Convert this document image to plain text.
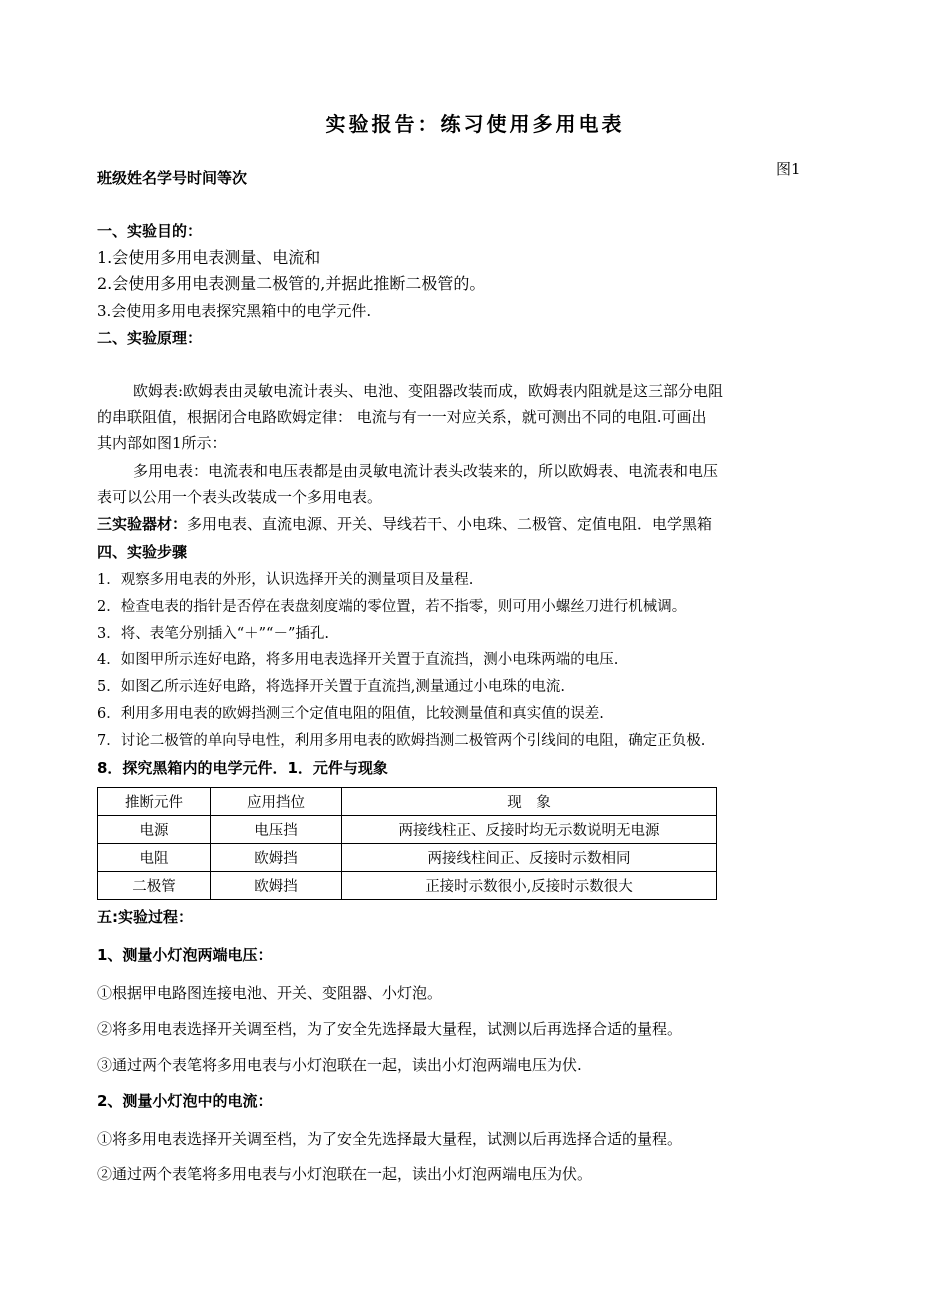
实验报告：练习使用多用电表
图1
班级姓名学号时间等次
一、实验目的：
1.会使用多用电表测量、电流和
2.会使用多用电表测量二极管的,并据此推断二极管的。
3.会使用多用电表探究黑箱中的电学元件.
二、实验原理：
欧姆表:欧姆表由灵敏电流计表头、电池、变阻器改装而成，欧姆表内阻就是这三部分电阻
的串联阻值，根据闭合电路欧姆定律： 电流与有一一对应关系，就可测出不同的电阻.可画出
其内部如图1所示：
多用电表：电流表和电压表都是由灵敏电流计表头改装来的，所以欧姆表、电流表和电压
表可以公用一个表头改装成一个多用电表。
三实验器材：多用电表、直流电源、开关、导线若干、小电珠、二极管、定值电阻．电学黑箱
四、实验步骤
1．观察多用电表的外形，认识选择开关的测量项目及量程.
2．检查电表的指针是否停在表盘刻度端的零位置，若不指零，则可用小螺丝刀进行机械调。
3．将、表笔分别插入“＋”“－”插孔.
4．如图甲所示连好电路，将多用电表选择开关置于直流挡，测小电珠两端的电压.
5．如图乙所示连好电路，将选择开关置于直流挡,测量通过小电珠的电流.
6．利用多用电表的欧姆挡测三个定值电阻的阻值，比较测量值和真实值的误差.
7．讨论二极管的单向导电性，利用多用电表的欧姆挡测二极管两个引线间的电阻，确定正负极.
8．探究黑箱内的电学元件．1．元件与现象
推断元件	应用挡位	现　象
电源	电压挡	两接线柱正、反接时均无示数说明无电源
电阻	欧姆挡	两接线柱间正、反接时示数相同
二极管	欧姆挡	正接时示数很小,反接时示数很大
五:实验过程：
1、测量小灯泡两端电压：
①根据甲电路图连接电池、开关、变阻器、小灯泡。
②将多用电表选择开关调至档，为了安全先选择最大量程，试测以后再选择合适的量程。
③通过两个表笔将多用电表与小灯泡联在一起，读出小灯泡两端电压为伏.
2、测量小灯泡中的电流：
①将多用电表选择开关调至档，为了安全先选择最大量程，试测以后再选择合适的量程。
②通过两个表笔将多用电表与小灯泡联在一起，读出小灯泡两端电压为伏。
